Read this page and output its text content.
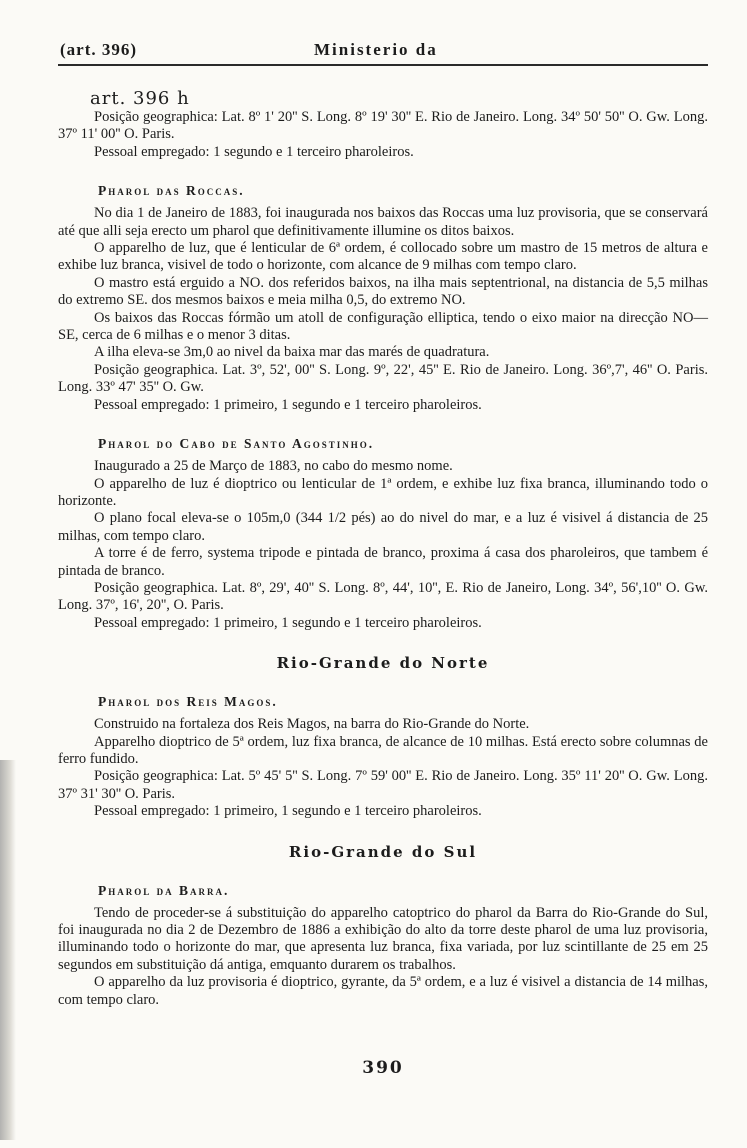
(art. 396)	Ministerio da
art. 396 h

Posição geographica: Lat. 8º 1' 20'' S. Long. 8º 19' 30'' E. Rio de Janeiro. Long. 34º 50' 50'' O. Gw. Long. 37º 11' 00'' O. Paris.

Pessoal empregado: 1 segundo e 1 terceiro pharoleiros.

Pharol das Roccas.

No dia 1 de Janeiro de 1883, foi inaugurada nos baixos das Roccas uma luz provisoria, que se conservará até que alli seja erecto um pharol que definitivamente illumine os ditos baixos.

O apparelho de luz, que é lenticular de 6ª ordem, é collocado sobre um mastro de 15 metros de altura e exhibe luz branca, visivel de todo o horizonte, com alcance de 9 milhas com tempo claro.

O mastro está erguido a NO. dos referidos baixos, na ilha mais septentrional, na distancia de 5,5 milhas do extremo SE. dos mesmos baixos e meia milha 0,5, do extremo NO.

Os baixos das Roccas fórmão um atoll de configuração elliptica, tendo o eixo maior na direcção NO—SE, cerca de 6 milhas e o menor 3 ditas.

A ilha eleva-se 3m,0 ao nivel da baixa mar das marés de quadratura.

Posição geographica. Lat. 3º, 52', 00'' S. Long. 9º, 22', 45'' E. Rio de Janeiro. Long. 36º,7', 46'' O. Paris. Long. 33º 47' 35'' O. Gw.

Pessoal empregado: 1 primeiro, 1 segundo e 1 terceiro pharoleiros.

Pharol do Cabo de Santo Agostinho.

Inaugurado a 25 de Março de 1883, no cabo do mesmo nome.

O apparelho de luz é dioptrico ou lenticular de 1ª ordem, e exhibe luz fixa branca, illuminando todo o horizonte.

O plano focal eleva-se o 105m,0 (344 1/2 pés) ao do nivel do mar, e a luz é visivel á distancia de 25 milhas, com tempo claro.

A torre é de ferro, systema tripode e pintada de branco, proxima á casa dos pharoleiros, que tambem é pintada de branco.

Posição geographica. Lat. 8º, 29', 40'' S. Long. 8º, 44', 10'', E. Rio de Janeiro, Long. 34º, 56',10'' O. Gw. Long. 37º, 16', 20'', O. Paris.

Pessoal empregado: 1 primeiro, 1 segundo e 1 terceiro pharoleiros.

Rio-Grande do Norte
Pharol dos Reis Magos.

Construido na fortaleza dos Reis Magos, na barra do Rio-Grande do Norte.

Apparelho dioptrico de 5ª ordem, luz fixa branca, de alcance de 10 milhas. Está erecto sobre columnas de ferro fundido.

Posição geographica: Lat. 5º 45' 5'' S. Long. 7º 59' 00'' E. Rio de Janeiro. Long. 35º 11' 20'' O. Gw. Long. 37º 31' 30'' O. Paris.

Pessoal empregado: 1 primeiro, 1 segundo e 1 terceiro pharoleiros.

Rio-Grande do Sul
Pharol da Barra.

Tendo de proceder-se á substituição do apparelho catoptrico do pharol da Barra do Rio-Grande do Sul, foi inaugurada no dia 2 de Dezembro de 1886 a exhibição do alto da torre deste pharol de uma luz provisoria, illuminando todo o horizonte do mar, que apresenta luz branca, fixa variada, por luz scintillante de 25 em 25 segundos em substituição dá antiga, emquanto durarem os trabalhos.

O apparelho da luz provisoria é dioptrico, gyrante, da 5ª ordem, e a luz é visivel a distancia de 14 milhas, com tempo claro.

390
